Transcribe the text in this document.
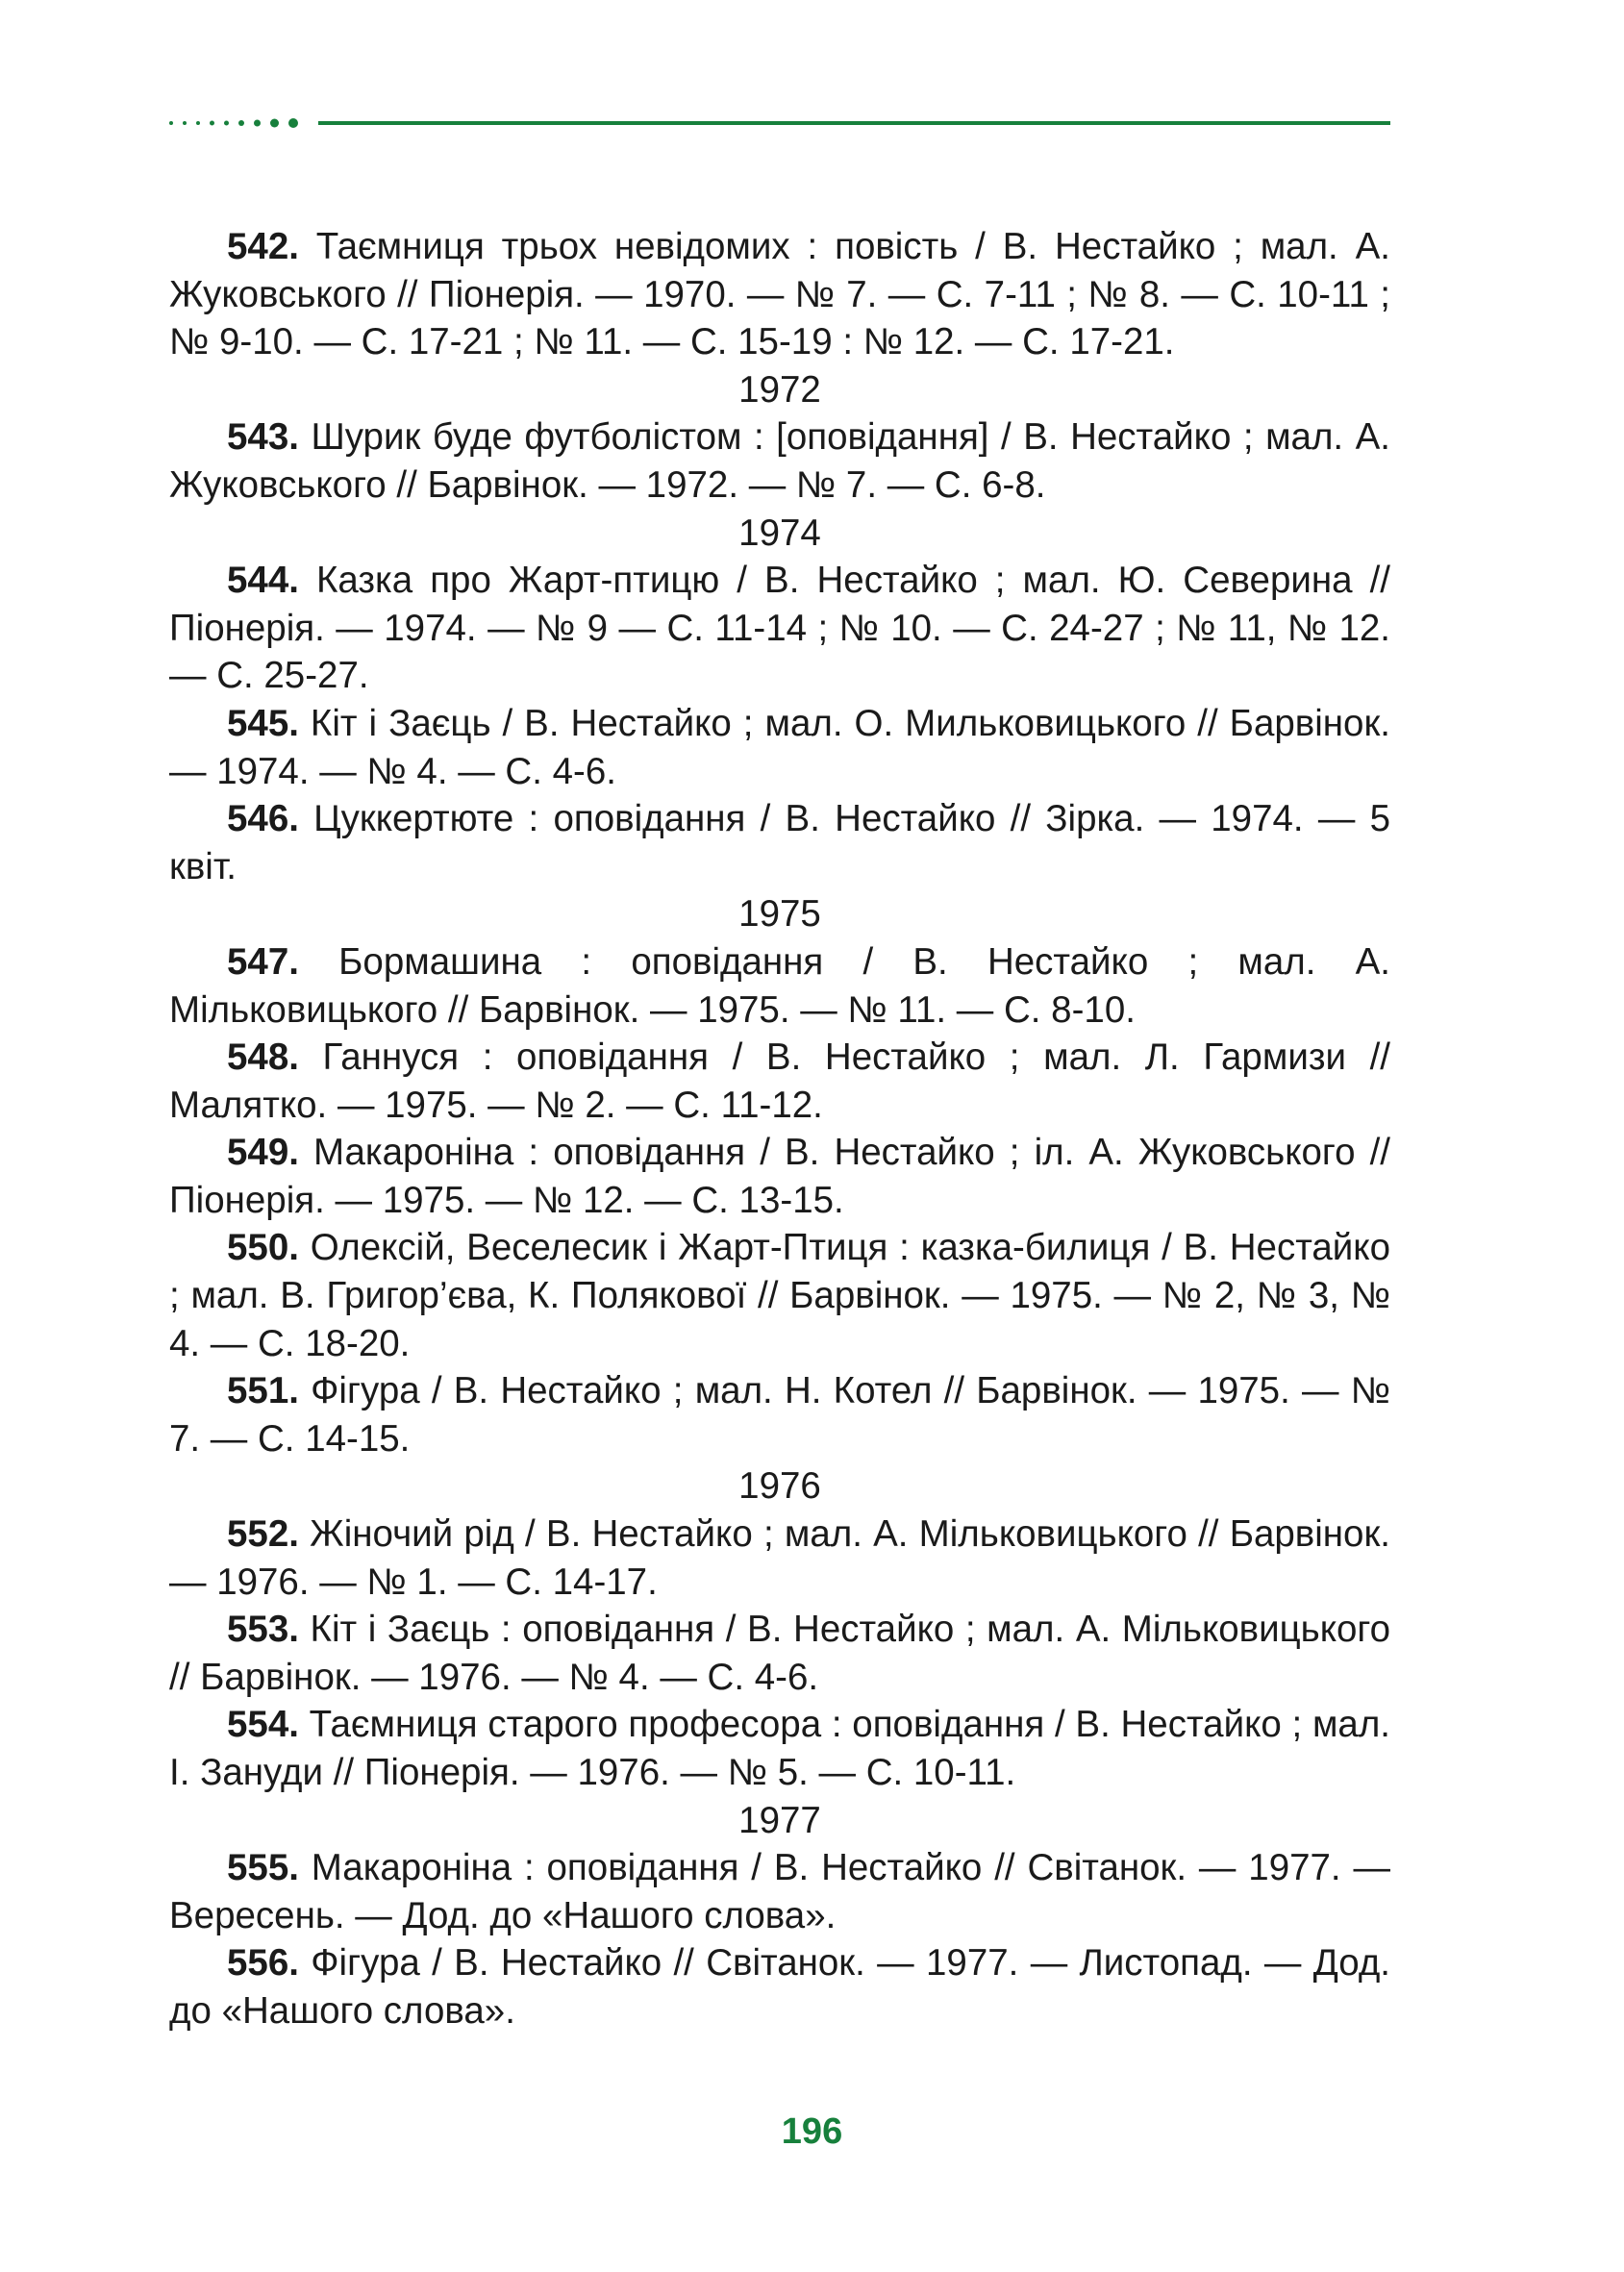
542. Таємниця трьох невідомих : повість / В. Нестайко ; мал. А. Жуковського // Піонерія. — 1970. — № 7. — С. 7-11 ; № 8. — С. 10-11 ; № 9-10. — С. 17-21 ; № 11. — С. 15-19 : № 12. — С. 17-21.

1972

543. Шурик буде футболістом : [оповідання] / В. Нестайко ; мал. А. Жуковського // Барвінок. — 1972. — № 7. — С. 6-8.

1974

544. Казка про Жарт-птицю / В. Нестайко ; мал. Ю. Северина // Піонерія. — 1974. — № 9 — С. 11-14 ; № 10. — С. 24-27 ; № 11, № 12. — С. 25-27.

545. Кіт і Заєць / В. Нестайко ; мал. О. Мильковицького // Барвінок. — 1974. — № 4. — С. 4-6.

546. Цуккертюте : оповідання / В. Нестайко // Зірка. — 1974. — 5 квіт.

1975

547. Бормашина : оповідання / В. Нестайко ; мал. А. Мільковицького // Барвінок. — 1975. — № 11. — С. 8-10.

548. Ганнуся : оповідання / В. Нестайко ; мал. Л. Гармизи // Малятко. — 1975. — № 2. — С. 11-12.

549. Макароніна : оповідання / В. Нестайко ; іл. А. Жуковського // Піонерія. — 1975. — № 12. — С. 13-15.

550. Олексій, Веселесик і Жарт-Птиця : казка-билиця / В. Нестайко ; мал. В. Григор’єва, К. Полякової // Барвінок. — 1975. — № 2, № 3, № 4. — С. 18-20.

551. Фігура / В. Нестайко ; мал. Н. Котел // Барвінок. — 1975. — № 7. — С. 14-15.

1976

552. Жіночий рід / В. Нестайко ; мал. А. Мільковицького // Барвінок. — 1976. — № 1. — С. 14-17.

553. Кіт і Заєць : оповідання / В. Нестайко ; мал. А. Мільковицького // Барвінок. — 1976. — № 4. — С. 4-6.

554. Таємниця старого професора : оповідання / В. Нестайко ; мал. І. Зануди // Піонерія. — 1976. — № 5. — С. 10-11.

1977

555. Макароніна : оповідання / В. Нестайко // Світанок. — 1977. — Вересень. — Дод. до «Нашого слова».

556. Фігура / В. Нестайко // Світанок. — 1977. — Листопад. — Дод. до «Нашого слова».

196
